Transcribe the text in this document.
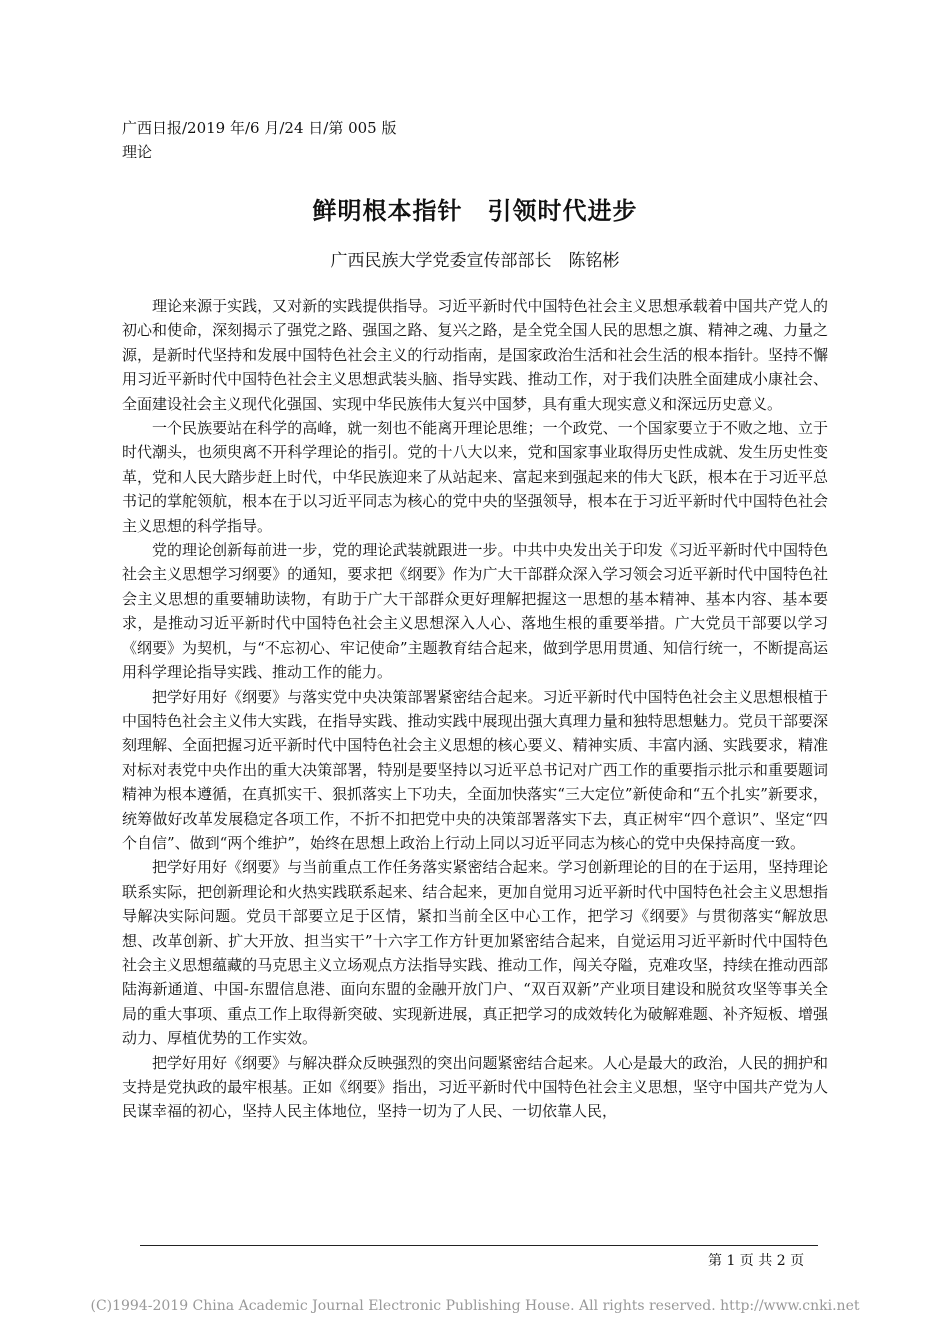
广西日报/2019 年/6 月/24 日/第 005 版
理论
鲜明根本指针　引领时代进步
广西民族大学党委宣传部部长　陈铭彬

理论来源于实践，又对新的实践提供指导。习近平新时代中国特色社会主义思想承载着中国共产党人的初心和使命，深刻揭示了强党之路、强国之路、复兴之路，是全党全国人民的思想之旗、精神之魂、力量之源，是新时代坚持和发展中国特色社会主义的行动指南，是国家政治生活和社会生活的根本指针。坚持不懈用习近平新时代中国特色社会主义思想武装头脑、指导实践、推动工作，对于我们决胜全面建成小康社会、全面建设社会主义现代化强国、实现中华民族伟大复兴中国梦，具有重大现实意义和深远历史意义。

一个民族要站在科学的高峰，就一刻也不能离开理论思维；一个政党、一个国家要立于不败之地、立于时代潮头，也须臾离不开科学理论的指引。党的十八大以来，党和国家事业取得历史性成就、发生历史性变革，党和人民大踏步赶上时代，中华民族迎来了从站起来、富起来到强起来的伟大飞跃，根本在于习近平总书记的掌舵领航，根本在于以习近平同志为核心的党中央的坚强领导，根本在于习近平新时代中国特色社会主义思想的科学指导。

党的理论创新每前进一步，党的理论武装就跟进一步。中共中央发出关于印发《习近平新时代中国特色社会主义思想学习纲要》的通知，要求把《纲要》作为广大干部群众深入学习领会习近平新时代中国特色社会主义思想的重要辅助读物，有助于广大干部群众更好理解把握这一思想的基本精神、基本内容、基本要求，是推动习近平新时代中国特色社会主义思想深入人心、落地生根的重要举措。广大党员干部要以学习《纲要》为契机，与“不忘初心、牢记使命”主题教育结合起来，做到学思用贯通、知信行统一，不断提高运用科学理论指导实践、推动工作的能力。

把学好用好《纲要》与落实党中央决策部署紧密结合起来。习近平新时代中国特色社会主义思想根植于中国特色社会主义伟大实践，在指导实践、推动实践中展现出强大真理力量和独特思想魅力。党员干部要深刻理解、全面把握习近平新时代中国特色社会主义思想的核心要义、精神实质、丰富内涵、实践要求，精准对标对表党中央作出的重大决策部署，特别是要坚持以习近平总书记对广西工作的重要指示批示和重要题词精神为根本遵循，在真抓实干、狠抓落实上下功夫，全面加快落实“三大定位”新使命和“五个扎实”新要求，统筹做好改革发展稳定各项工作，不折不扣把党中央的决策部署落实下去，真正树牢“四个意识”、坚定“四个自信”、做到“两个维护”，始终在思想上政治上行动上同以习近平同志为核心的党中央保持高度一致。

把学好用好《纲要》与当前重点工作任务落实紧密结合起来。学习创新理论的目的在于运用，坚持理论联系实际，把创新理论和火热实践联系起来、结合起来，更加自觉用习近平新时代中国特色社会主义思想指导解决实际问题。党员干部要立足于区情，紧扣当前全区中心工作，把学习《纲要》与贯彻落实“解放思想、改革创新、扩大开放、担当实干”十六字工作方针更加紧密结合起来，自觉运用习近平新时代中国特色社会主义思想蕴藏的马克思主义立场观点方法指导实践、推动工作，闯关夺隘，克难攻坚，持续在推动西部陆海新通道、中国-东盟信息港、面向东盟的金融开放门户、“双百双新”产业项目建设和脱贫攻坚等事关全局的重大事项、重点工作上取得新突破、实现新进展，真正把学习的成效转化为破解难题、补齐短板、增强动力、厚植优势的工作实效。

把学好用好《纲要》与解决群众反映强烈的突出问题紧密结合起来。人心是最大的政治，人民的拥护和支持是党执政的最牢根基。正如《纲要》指出，习近平新时代中国特色社会主义思想，坚守中国共产党为人民谋幸福的初心，坚持人民主体地位，坚持一切为了人民、一切依靠人民，

第 1 页 共 2 页
(C)1994-2019 China Academic Journal Electronic Publishing House. All rights reserved. http://www.cnki.net
